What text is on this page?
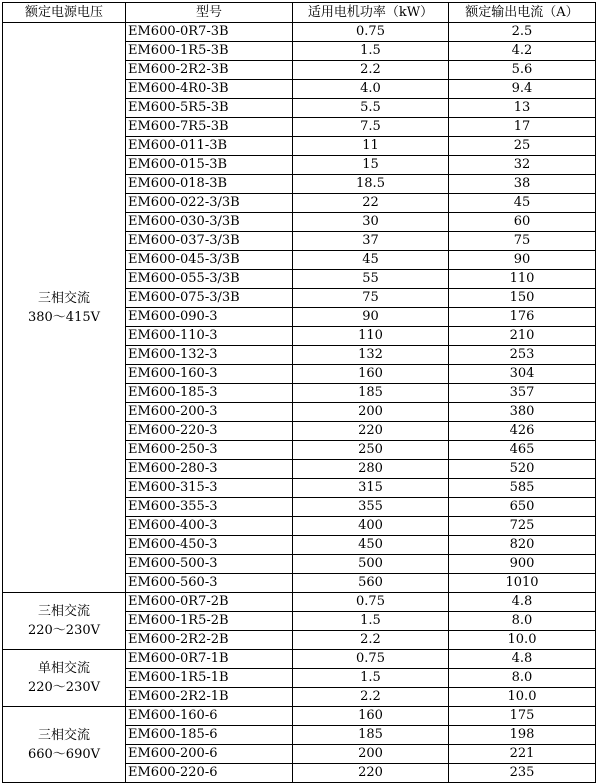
额定电源电压	型号	适用电机功率（kW）	额定输出电流（A）

三相交流
380～415V	EM600-0R7-3B	0.75	2.5
	EM600-1R5-3B	1.5	4.2
	EM600-2R2-3B	2.2	5.6
	EM600-4R0-3B	4.0	9.4
	EM600-5R5-3B	5.5	13
	EM600-7R5-3B	7.5	17
	EM600-011-3B	11	25
	EM600-015-3B	15	32
	EM600-018-3B	18.5	38
	EM600-022-3/3B	22	45
	EM600-030-3/3B	30	60
	EM600-037-3/3B	37	75
	EM600-045-3/3B	45	90
	EM600-055-3/3B	55	110
	EM600-075-3/3B	75	150
	EM600-090-3	90	176
	EM600-110-3	110	210
	EM600-132-3	132	253
	EM600-160-3	160	304
	EM600-185-3	185	357
	EM600-200-3	200	380
	EM600-220-3	220	426
	EM600-250-3	250	465
	EM600-280-3	280	520
	EM600-315-3	315	585
	EM600-355-3	355	650
	EM600-400-3	400	725
	EM600-450-3	450	820
	EM600-500-3	500	900
	EM600-560-3	560	1010

三相交流
220～230V	EM600-0R7-2B	0.75	4.8
	EM600-1R5-2B	1.5	8.0
	EM600-2R2-2B	2.2	10.0

单相交流
220～230V	EM600-0R7-1B	0.75	4.8
	EM600-1R5-1B	1.5	8.0
	EM600-2R2-1B	2.2	10.0

三相交流
660～690V	EM600-160-6	160	175
	EM600-185-6	185	198
	EM600-200-6	200	221
	EM600-220-6	220	235
